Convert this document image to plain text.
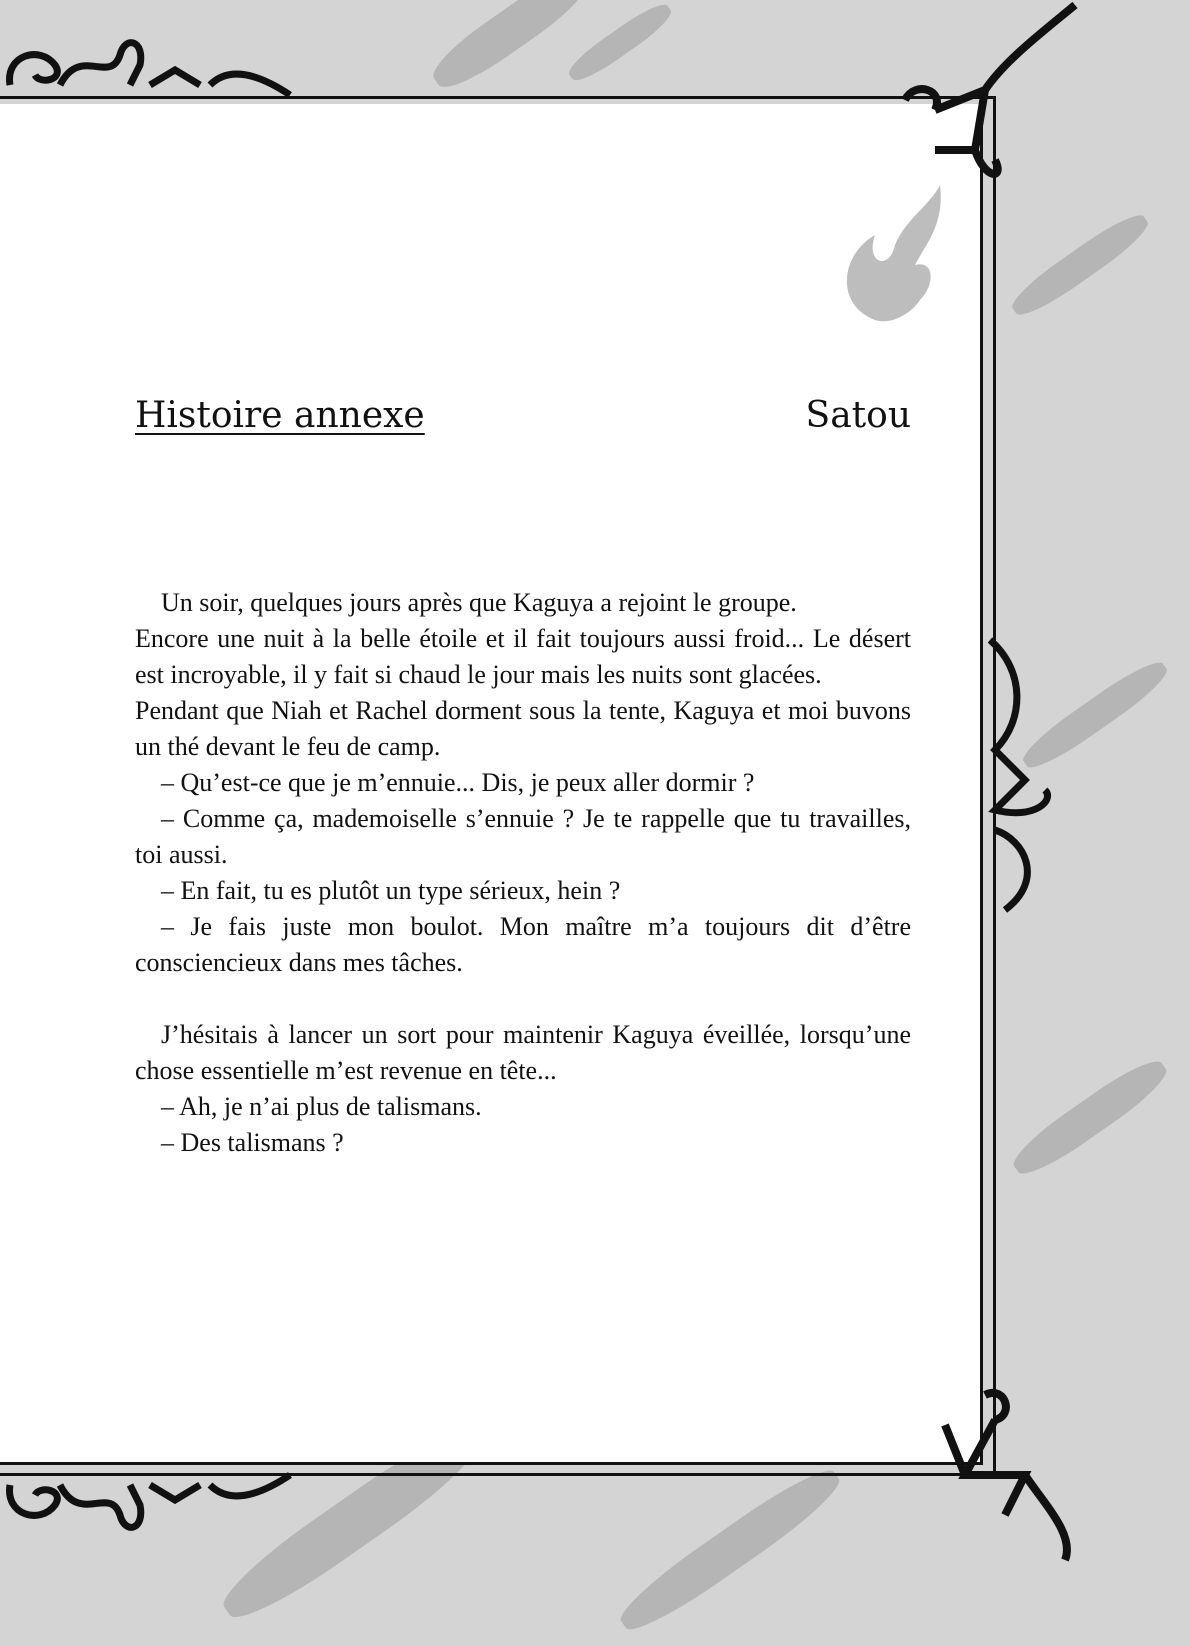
Histoire annexe	Satou

Un soir, quelques jours après que Kaguya a rejoint le groupe.

Encore une nuit à la belle étoile et il fait toujours aussi froid... Le désert est incroyable, il y fait si chaud le jour mais les nuits sont glacées.

Pendant que Niah et Rachel dorment sous la tente, Kaguya et moi buvons un thé devant le feu de camp.

– Qu’est-ce que je m’ennuie... Dis, je peux aller dormir ?

– Comme ça, mademoiselle s’ennuie ? Je te rappelle que tu travailles, toi aussi.

– En fait, tu es plutôt un type sérieux, hein ?

– Je fais juste mon boulot. Mon maître m’a toujours dit d’être consciencieux dans mes tâches.

J’hésitais à lancer un sort pour maintenir Kaguya éveillée, lorsqu’une chose essentielle m’est revenue en tête...

– Ah, je n’ai plus de talismans.

– Des talismans ?
